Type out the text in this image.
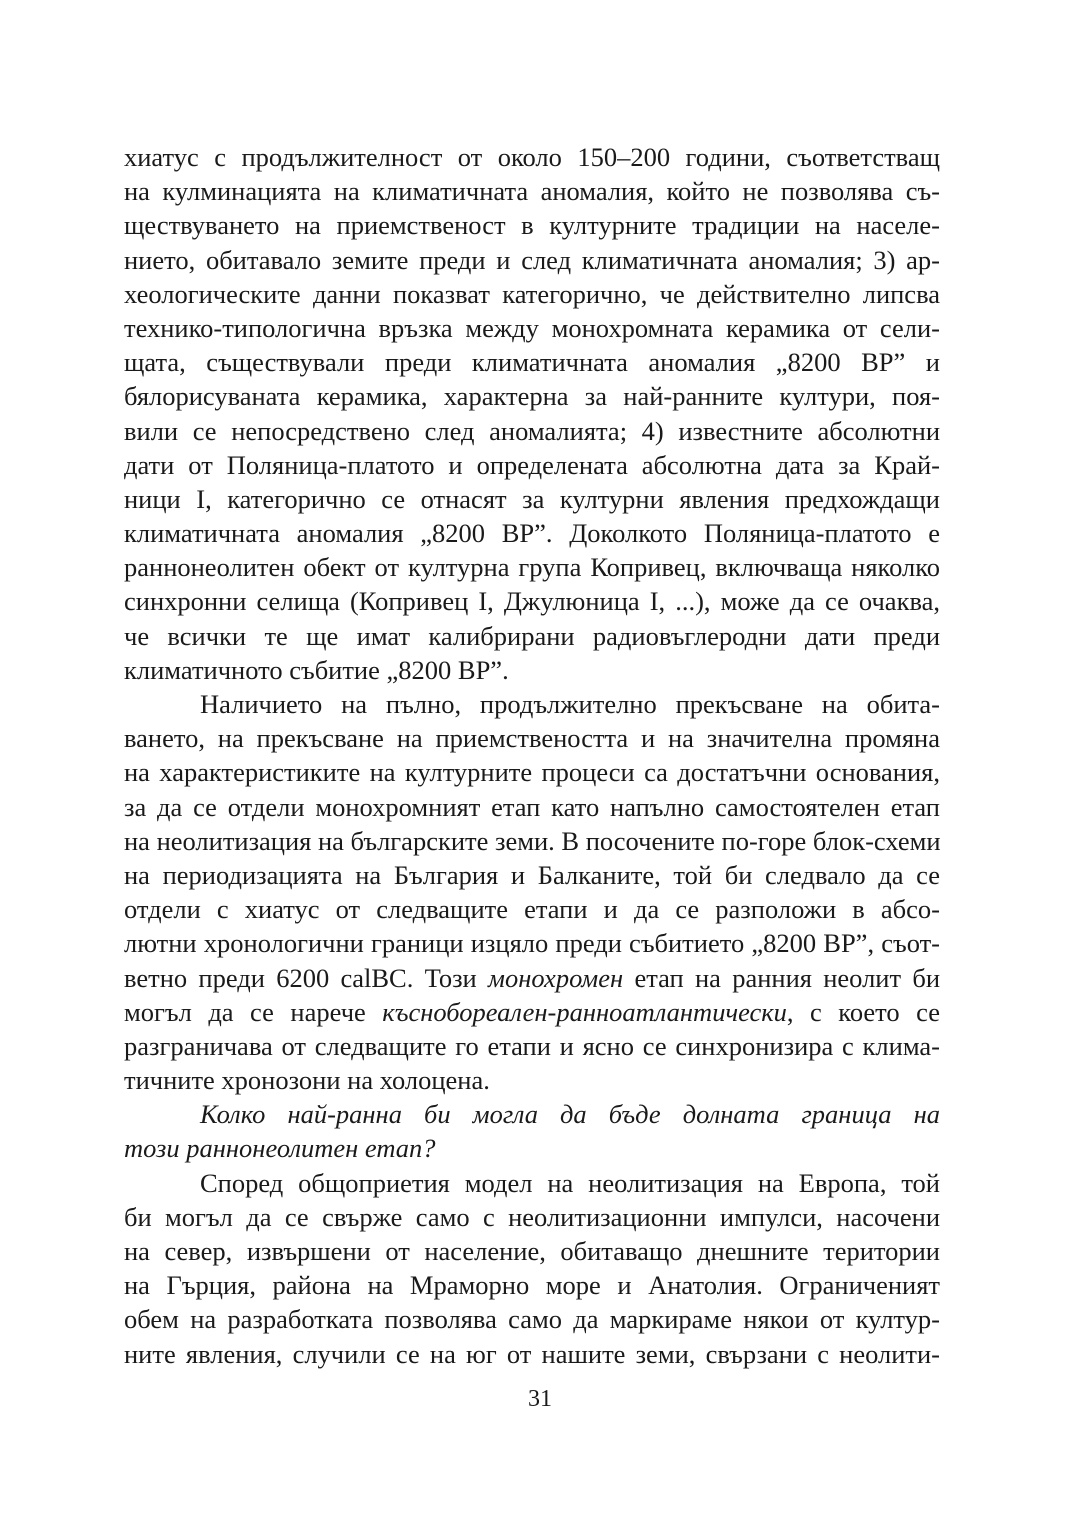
хиатус с продължителност от около 150–200 години, съответстващ
на кулминацията на климатичната аномалия, който не позволява съ-
ществуването на приемственост в културните традиции на населе-
нието, обитавало земите преди и след климатичната аномалия; 3) ар-
хеологическите данни показват категорично, че действително липсва
технико-типологична връзка между монохромната керамика от сели-
щата, съществували преди климатичната аномалия „8200 BP” и
бялорисуваната керамика, характерна за най-ранните култури, поя-
вили се непосредствено след аномалията; 4) известните абсолютни
дати от Поляница-платото и определената абсолютна дата за Край-
ници I, категорично се отнасят за културни явления предхождащи
климатичната аномалия „8200 BP”. Доколкото Поляница-платото е
раннонеолитен обект от културна група Копривец, включваща няколко
синхронни селища (Копривец I, Джулюница I, ...), може да се очаква,
че всички те ще имат калибрирани радиовъглеродни дати преди
климатичното събитие „8200 BP”.
Наличието на пълно, продължително прекъсване на обита-
ването, на прекъсване на приемствеността и на значителна промяна
на характеристиките на културните процеси са достатъчни основания,
за да се отдели монохромният етап като напълно самостоятелен етап
на неолитизация на българските земи. В посочените по-горе блок-схеми
на периодизацията на България и Балканите, той би следвало да се
отдели с хиатус от следващите етапи и да се разположи в абсо-
лютни хронологични граници изцяло преди събитието „8200 BP”, съот-
ветно преди 6200 calBC. Този монохромен етап на ранния неолит би
могъл да се нарече къснобореален-ранноатлантически, с което се
разграничава от следващите го етапи и ясно се синхронизира с клима-
тичните хронозони на холоцена.
Колко най-ранна би могла да бъде долната граница на
този раннонеолитен етап?
Според общоприетия модел на неолитизация на Европа, той
би могъл да се свърже само с неолитизационни импулси, насочени
на север, извършени от население, обитаващо днешните територии
на Гърция, района на Мраморно море и Анатолия. Ограниченият
обем на разработката позволява само да маркираме някои от култур-
ните явления, случили се на юг от нашите земи, свързани с неолити-
31
